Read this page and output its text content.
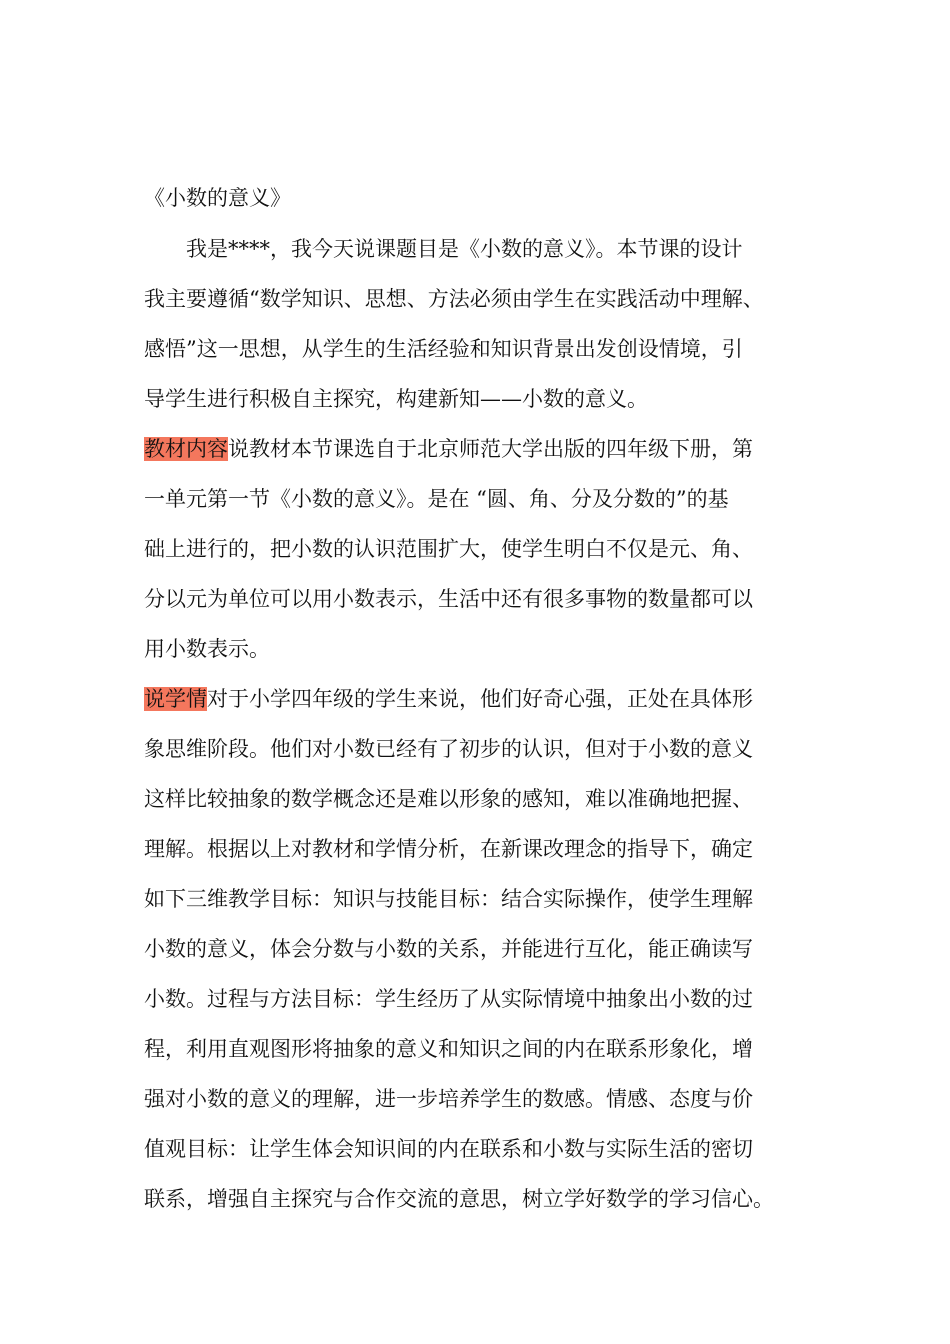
《小数的意义》
　　我是****，我今天说课题目是《小数的意义》。本节课的设计
我主要遵循“数学知识、思想、方法必须由学生在实践活动中理解、
感悟”这一思想，从学生的生活经验和知识背景出发创设情境，引
导学生进行积极自主探究，构建新知——小数的意义。
教材内容说教材本节课选自于北京师范大学出版的四年级下册，第
一单元第一节《小数的意义》。是在 “圆、角、分及分数的”的基
础上进行的，把小数的认识范围扩大，使学生明白不仅是元、角、
分以元为单位可以用小数表示，生活中还有很多事物的数量都可以
用小数表示。
说学情对于小学四年级的学生来说，他们好奇心强，正处在具体形
象思维阶段。他们对小数已经有了初步的认识，但对于小数的意义
这样比较抽象的数学概念还是难以形象的感知，难以准确地把握、
理解。根据以上对教材和学情分析，在新课改理念的指导下，确定
如下三维教学目标：知识与技能目标：结合实际操作，使学生理解
小数的意义，体会分数与小数的关系，并能进行互化，能正确读写
小数。过程与方法目标：学生经历了从实际情境中抽象出小数的过
程，利用直观图形将抽象的意义和知识之间的内在联系形象化，增
强对小数的意义的理解，进一步培养学生的数感。情感、态度与价
值观目标：让学生体会知识间的内在联系和小数与实际生活的密切
联系，增强自主探究与合作交流的意思，树立学好数学的学习信心。
